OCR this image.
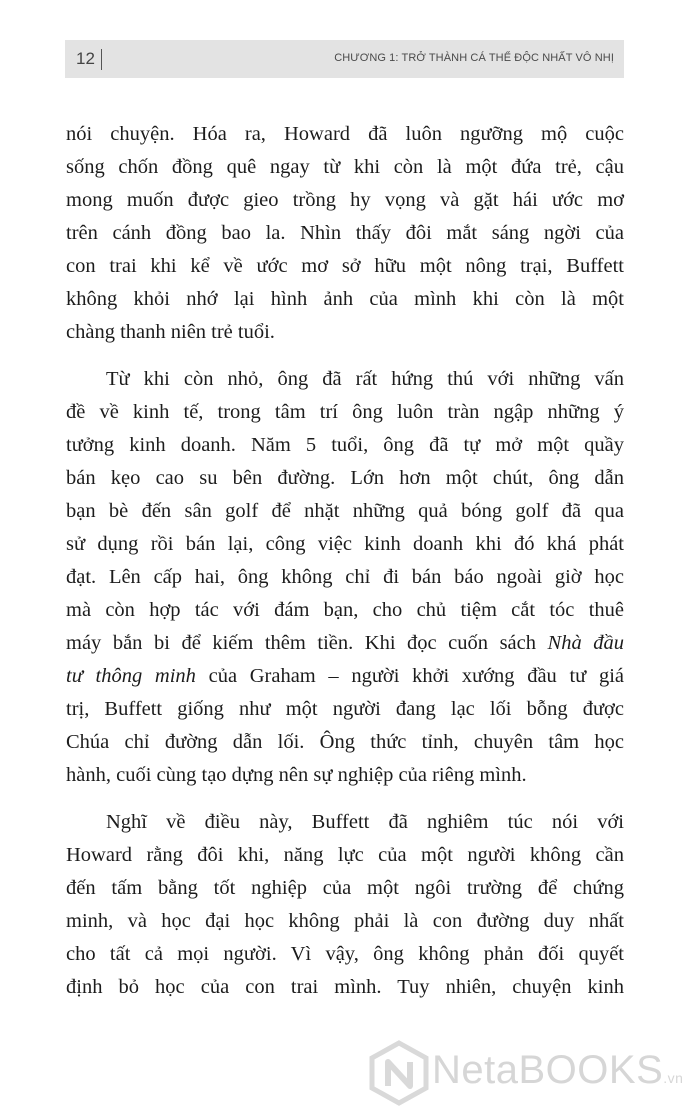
12	CHƯƠNG 1: TRỞ THÀNH CÁ THỂ ĐỘC NHẤT VÔ NHỊ

nói chuyện. Hóa ra, Howard đã luôn ngưỡng mộ cuộc
sống chốn đồng quê ngay từ khi còn là một đứa trẻ, cậu
mong muốn được gieo trồng hy vọng và gặt hái ước mơ
trên cánh đồng bao la. Nhìn thấy đôi mắt sáng ngời của
con trai khi kể về ước mơ sở hữu một nông trại, Buffett
không khỏi nhớ lại hình ảnh của mình khi còn là một
chàng thanh niên trẻ tuổi.

Từ khi còn nhỏ, ông đã rất hứng thú với những vấn
đề về kinh tế, trong tâm trí ông luôn tràn ngập những ý
tưởng kinh doanh. Năm 5 tuổi, ông đã tự mở một quầy
bán kẹo cao su bên đường. Lớn hơn một chút, ông dẫn
bạn bè đến sân golf để nhặt những quả bóng golf đã qua
sử dụng rồi bán lại, công việc kinh doanh khi đó khá phát
đạt. Lên cấp hai, ông không chỉ đi bán báo ngoài giờ học
mà còn hợp tác với đám bạn, cho chủ tiệm cắt tóc thuê
máy bắn bi để kiếm thêm tiền. Khi đọc cuốn sách Nhà đầu
tư thông minh của Graham – người khởi xướng đầu tư giá
trị, Buffett giống như một người đang lạc lối bỗng được
Chúa chỉ đường dẫn lối. Ông thức tỉnh, chuyên tâm học
hành, cuối cùng tạo dựng nên sự nghiệp của riêng mình.

Nghĩ về điều này, Buffett đã nghiêm túc nói với
Howard rằng đôi khi, năng lực của một người không cần
đến tấm bằng tốt nghiệp của một ngôi trường để chứng
minh, và học đại học không phải là con đường duy nhất
cho tất cả mọi người. Vì vậy, ông không phản đối quyết
định bỏ học của con trai mình. Tuy nhiên, chuyện kinh

NetaBOOKS.vn
